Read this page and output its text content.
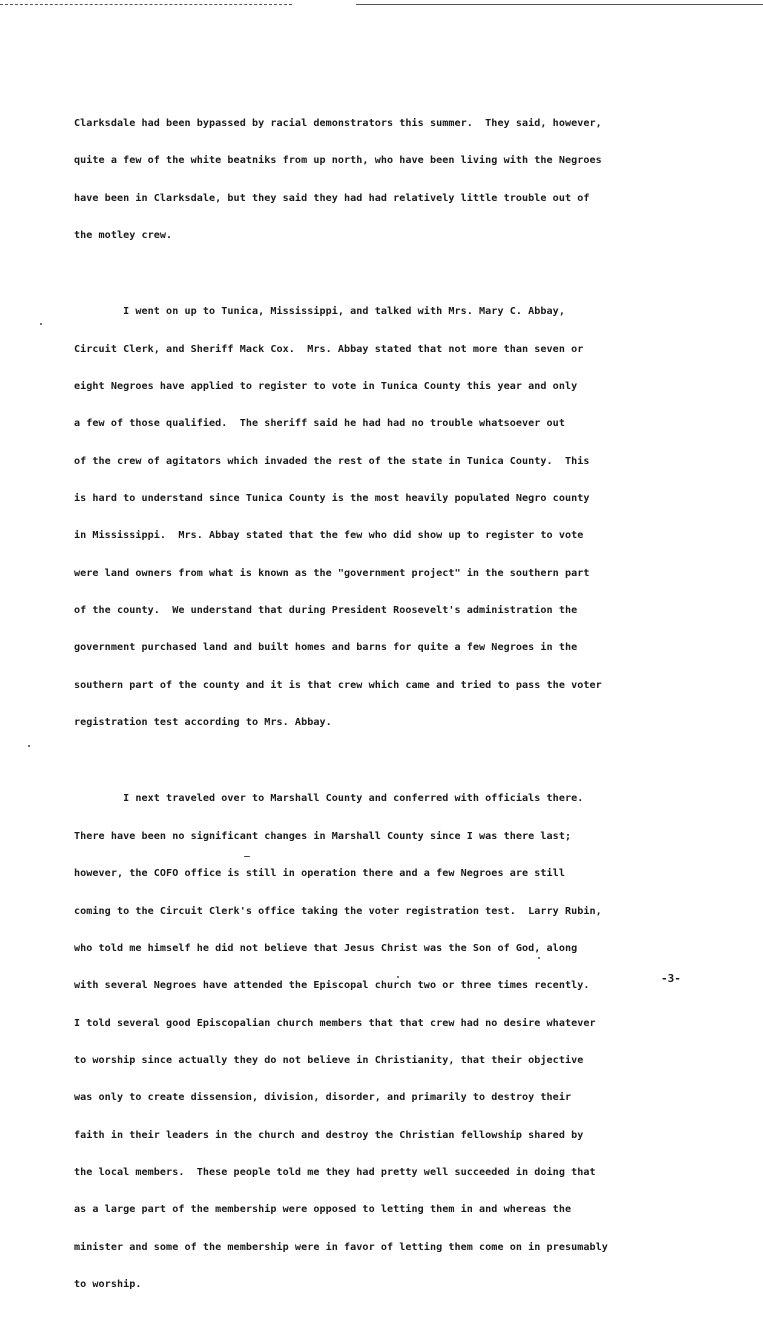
Clarksdale had been bypassed by racial demonstrators this summer.  They said, however,

quite a few of the white beatniks from up north, who have been living with the Negroes

have been in Clarksdale, but they said they had had relatively little trouble out of

the motley crew.

I went on up to Tunica, Mississippi, and talked with Mrs. Mary C. Abbay,

Circuit Clerk, and Sheriff Mack Cox.  Mrs. Abbay stated that not more than seven or

eight Negroes have applied to register to vote in Tunica County this year and only

a few of those qualified.  The sheriff said he had had no trouble whatsoever out

of the crew of agitators which invaded the rest of the state in Tunica County.  This

is hard to understand since Tunica County is the most heavily populated Negro county

in Mississippi.  Mrs. Abbay stated that the few who did show up to register to vote

were land owners from what is known as the "government project" in the southern part

of the county.  We understand that during President Roosevelt's administration the

government purchased land and built homes and barns for quite a few Negroes in the

southern part of the county and it is that crew which came and tried to pass the voter

registration test according to Mrs. Abbay.

I next traveled over to Marshall County and conferred with officials there.

There have been no significant changes in Marshall County since I was there last;

however, the COFO office is still in operation there and a few Negroes are still

coming to the Circuit Clerk's office taking the voter registration test.  Larry Rubin,

who told me himself he did not believe that Jesus Christ was the Son of God, along

with several Negroes have attended the Episcopal church two or three times recently.

I told several good Episcopalian church members that that crew had no desire whatever

to worship since actually they do not believe in Christianity, that their objective

was only to create dissension, division, disorder, and primarily to destroy their

faith in their leaders in the church and destroy the Christian fellowship shared by

the local members.  These people told me they had pretty well succeeded in doing that

as a large part of the membership were opposed to letting them in and whereas the

minister and some of the membership were in favor of letting them come on in presumably

to worship.

-3-
